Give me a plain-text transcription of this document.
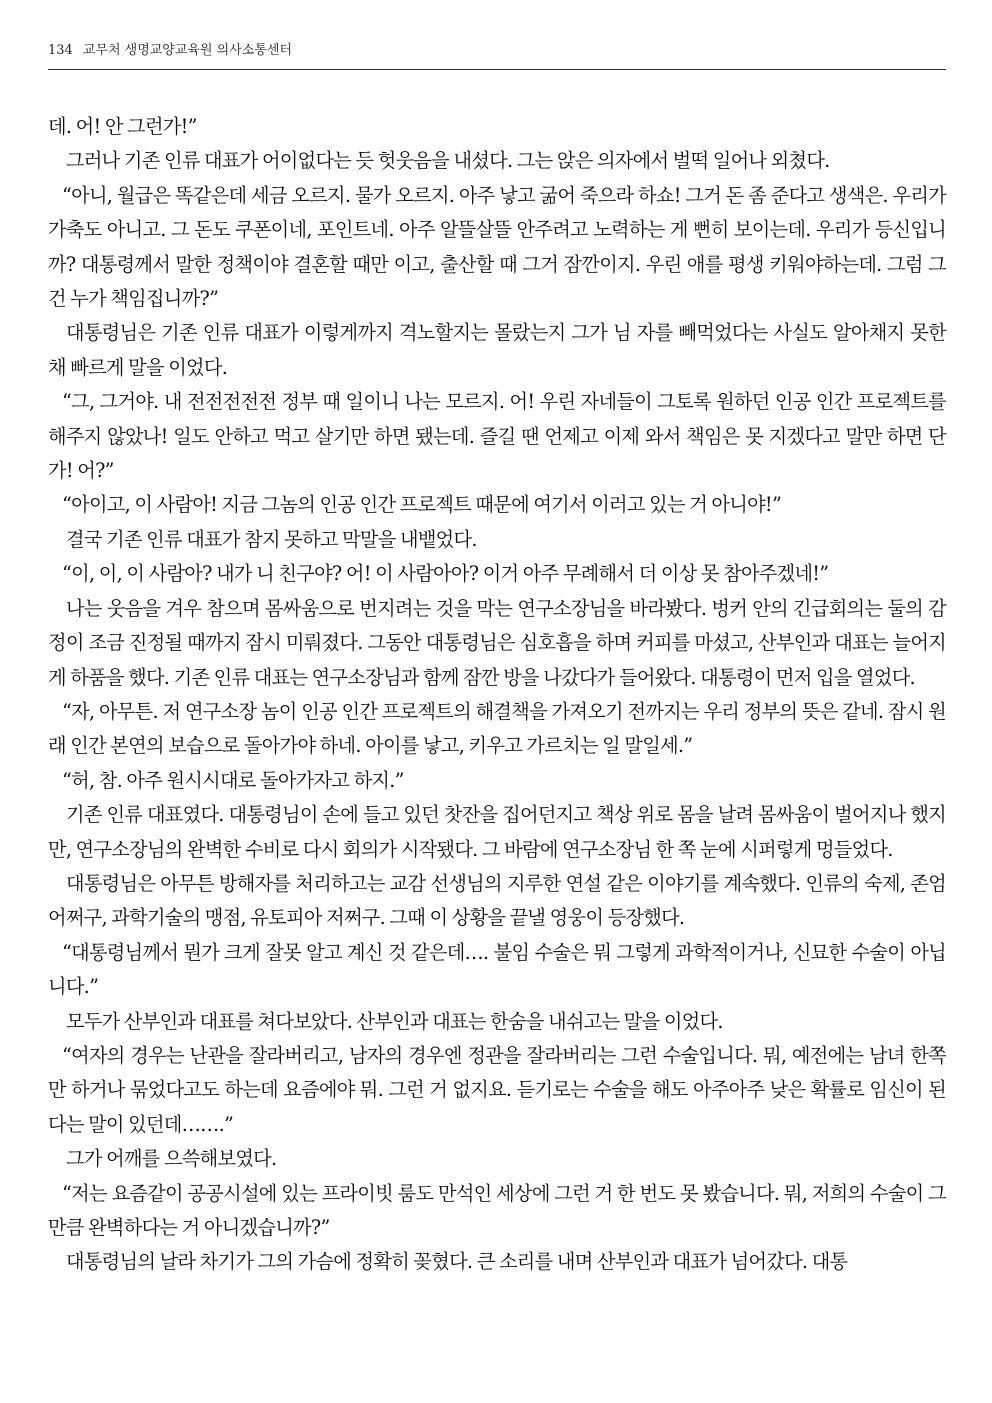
134 교무처 생명교양교육원 의사소통센터

데. 어! 안 그런가!”

그러나 기존 인류 대표가 어이없다는 듯 헛웃음을 내셨다. 그는 앉은 의자에서 벌떡 일어나 외쳤다.

“아니, 월급은 똑같은데 세금 오르지. 물가 오르지. 아주 낳고 굶어 죽으라 하쇼! 그거 돈 좀 준다고 생색은. 우리가 가축도 아니고. 그 돈도 쿠폰이네, 포인트네. 아주 알뜰살뜰 안주려고 노력하는 게 뻔히 보이는데. 우리가 등신입니까? 대통령께서 말한 정책이야 결혼할 때만 이고, 출산할 때 그거 잠깐이지. 우린 애를 평생 키워야하는데. 그럼 그건 누가 책임집니까?”

대통령님은 기존 인류 대표가 이렇게까지 격노할지는 몰랐는지 그가 님 자를 빼먹었다는 사실도 알아채지 못한 채 빠르게 말을 이었다.

“그, 그거야. 내 전전전전전 정부 때 일이니 나는 모르지. 어! 우린 자네들이 그토록 원하던 인공 인간 프로젝트를 해주지 않았나! 일도 안하고 먹고 살기만 하면 됐는데. 즐길 땐 언제고 이제 와서 책임은 못 지겠다고 말만 하면 단가! 어?”

“아이고, 이 사람아! 지금 그놈의 인공 인간 프로젝트 때문에 여기서 이러고 있는 거 아니야!”

결국 기존 인류 대표가 참지 못하고 막말을 내뱉었다.

“이, 이, 이 사람아? 내가 니 친구야? 어! 이 사람아아? 이거 아주 무례해서 더 이상 못 참아주겠네!”

나는 웃음을 겨우 참으며 몸싸움으로 번지려는 것을 막는 연구소장님을 바라봤다. 벙커 안의 긴급회의는 둘의 감정이 조금 진정될 때까지 잠시 미뤄졌다. 그동안 대통령님은 심호흡을 하며 커피를 마셨고, 산부인과 대표는 늘어지게 하품을 했다. 기존 인류 대표는 연구소장님과 함께 잠깐 방을 나갔다가 들어왔다. 대통령이 먼저 입을 열었다.

“자, 아무튼. 저 연구소장 놈이 인공 인간 프로젝트의 해결책을 가져오기 전까지는 우리 정부의 뜻은 같네. 잠시 원래 인간 본연의 보습으로 돌아가야 하네. 아이를 낳고, 키우고 가르치는 일 말일세.”

“허, 참. 아주 원시시대로 돌아가자고 하지.”

기존 인류 대표였다. 대통령님이 손에 들고 있던 찻잔을 집어던지고 책상 위로 몸을 날려 몸싸움이 벌어지나 했지만, 연구소장님의 완벽한 수비로 다시 회의가 시작됐다. 그 바람에 연구소장님 한 쪽 눈에 시퍼렇게 멍들었다.

대통령님은 아무튼 방해자를 처리하고는 교감 선생님의 지루한 연설 같은 이야기를 계속했다. 인류의 숙제, 존엄 어쩌구, 과학기술의 맹점, 유토피아 저쩌구. 그때 이 상황을 끝낼 영웅이 등장했다.

“대통령님께서 뭔가 크게 잘못 알고 계신 것 같은데…. 불임 수술은 뭐 그렇게 과학적이거나, 신묘한 수술이 아닙니다.”

모두가 산부인과 대표를 쳐다보았다. 산부인과 대표는 한숨을 내쉬고는 말을 이었다.

“여자의 경우는 난관을 잘라버리고, 남자의 경우엔 정관을 잘라버리는 그런 수술입니다. 뭐, 예전에는 남녀 한쪽만 하거나 묶었다고도 하는데 요즘에야 뭐. 그런 거 없지요. 듣기로는 수술을 해도 아주아주 낮은 확률로 임신이 된다는 말이 있던데…….”

그가 어깨를 으쓱해보였다.

“저는 요즘같이 공공시설에 있는 프라이빗 룸도 만석인 세상에 그런 거 한 번도 못 봤습니다. 뭐, 저희의 수술이 그만큼 완벽하다는 거 아니겠습니까?”

대통령님의 날라 차기가 그의 가슴에 정확히 꽂혔다. 큰 소리를 내며 산부인과 대표가 넘어갔다. 대통
